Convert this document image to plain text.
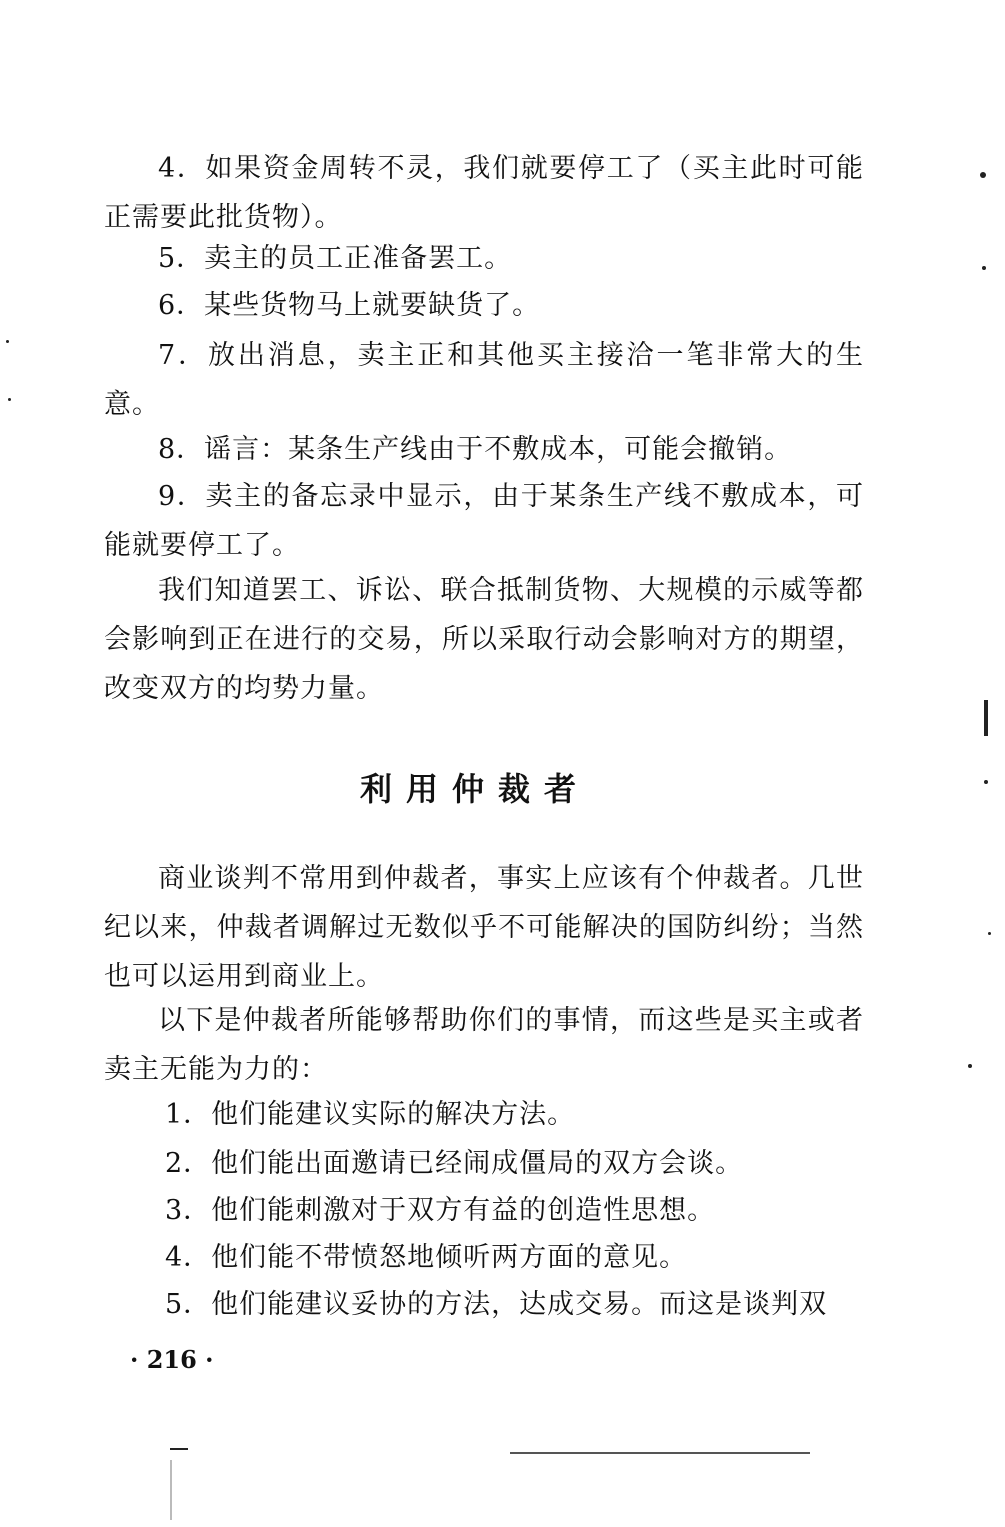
4．如果资金周转不灵，我们就要停工了（买主此时可能正需要此批货物）。

5．卖主的员工正准备罢工。

6．某些货物马上就要缺货了。

7．放出消息，卖主正和其他买主接洽一笔非常大的生意。

8．谣言：某条生产线由于不敷成本，可能会撤销。

9．卖主的备忘录中显示，由于某条生产线不敷成本，可能就要停工了。

我们知道罢工、诉讼、联合抵制货物、大规模的示威等都会影响到正在进行的交易，所以采取行动会影响对方的期望，改变双方的均势力量。

利用仲裁者

商业谈判不常用到仲裁者，事实上应该有个仲裁者。几世纪以来，仲裁者调解过无数似乎不可能解决的国防纠纷；当然也可以运用到商业上。

以下是仲裁者所能够帮助你们的事情，而这些是买主或者卖主无能为力的：

1．他们能建议实际的解决方法。

2．他们能出面邀请已经闹成僵局的双方会谈。

3．他们能刺激对于双方有益的创造性思想。

4．他们能不带愤怒地倾听两方面的意见。

5．他们能建议妥协的方法，达成交易。而这是谈判双

· 216 ·
